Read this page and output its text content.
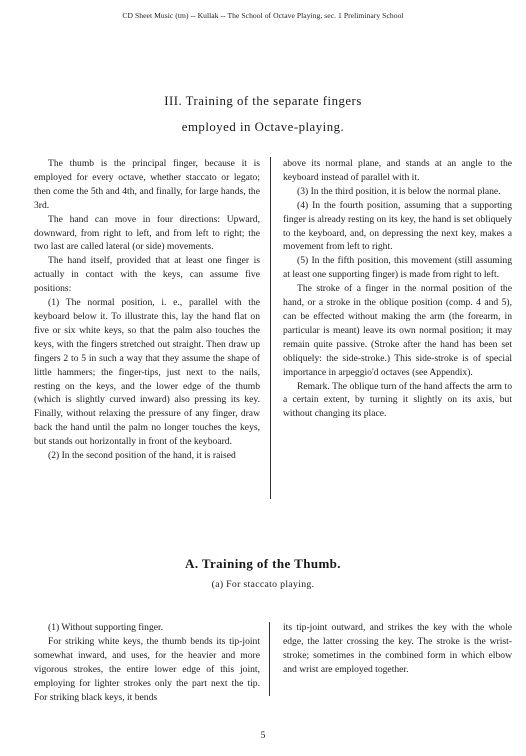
CD Sheet Music (tm) -- Kullak -- The School of Octave Playing, sec. 1 Preliminary School
III. Training of the separate fingers
employed in Octave-playing.

The thumb is the principal finger, because it is employed for every octave, whether staccato or legato; then come the 5th and 4th, and finally, for large hands, the 3rd.

The hand can move in four directions: Upward, downward, from right to left, and from left to right; the two last are called lateral (or side) movements.

The hand itself, provided that at least one finger is actually in contact with the keys, can assume five positions:

(1) The normal position, i. e., parallel with the keyboard below it. To illustrate this, lay the hand flat on five or six white keys, so that the palm also touches the keys, with the fingers stretched out straight. Then draw up fingers 2 to 5 in such a way that they assume the shape of little hammers; the finger-tips, just next to the nails, resting on the keys, and the lower edge of the thumb (which is slightly curved inward) also pressing its key. Finally, without relaxing the pressure of any finger, draw back the hand until the palm no longer touches the keys, but stands out horizontally in front of the keyboard.

(2) In the second position of the hand, it is raised

above its normal plane, and stands at an angle to the keyboard instead of parallel with it.

(3) In the third position, it is below the normal plane.

(4) In the fourth position, assuming that a supporting finger is already resting on its key, the hand is set obliquely to the keyboard, and, on depressing the next key, makes a movement from left to right.

(5) In the fifth position, this movement (still assuming at least one supporting finger) is made from right to left.

The stroke of a finger in the normal position of the hand, or a stroke in the oblique position (comp. 4 and 5), can be effected without making the arm (the forearm, in particular is meant) leave its own normal position; it may remain quite passive. (Stroke after the hand has been set obliquely: the side-stroke.) This side-stroke is of special importance in arpeggio'd octaves (see Appendix).

Remark. The oblique turn of the hand affects the arm to a certain extent, by turning it slightly on its axis, but without changing its place.

A. Training of the Thumb.
(a) For staccato playing.

(1) Without supporting finger.

For striking white keys, the thumb bends its tip-joint somewhat inward, and uses, for the heavier and more vigorous strokes, the entire lower edge of this joint, employing for lighter strokes only the part next the tip. For striking black keys, it bends

its tip-joint outward, and strikes the key with the whole edge, the latter crossing the key. The stroke is the wrist-stroke; sometimes in the combined form in which elbow and wrist are employed together.

5
